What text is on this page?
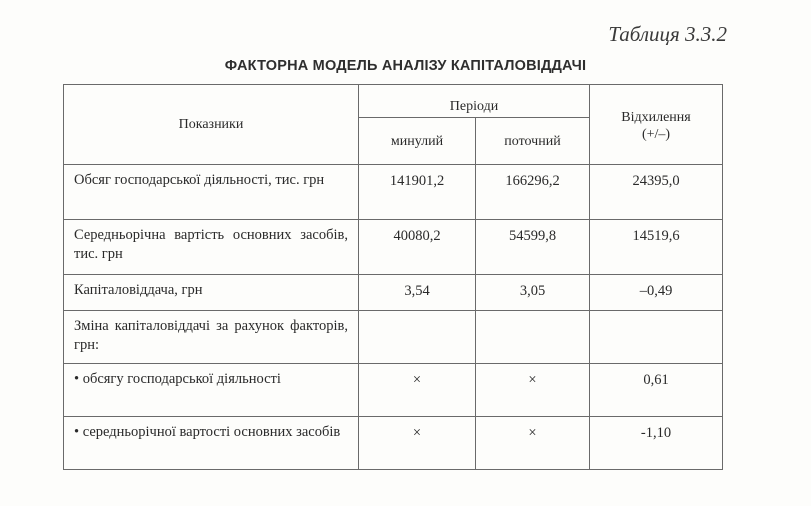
Таблиця 3.3.2
ФАКТОРНА МОДЕЛЬ АНАЛІЗУ КАПІТАЛОВІДДАЧІ
Показники	Періоди		Відхилення
(+/–)

	минулий	поточний	
Обсяг господарської діяльності, тис. грн	141901,2	166296,2	24395,0
Середньорічна вартість основних засобів, тис. грн	40080,2	54599,8	14519,6
Капіталовіддача, грн	3,54	3,05	–0,49
Зміна капіталовіддачі за рахунок факторів, грн:			
• обсягу господарської діяльності	×	×	0,61
• середньорічної вартості основних засобів	×	×	-1,10
